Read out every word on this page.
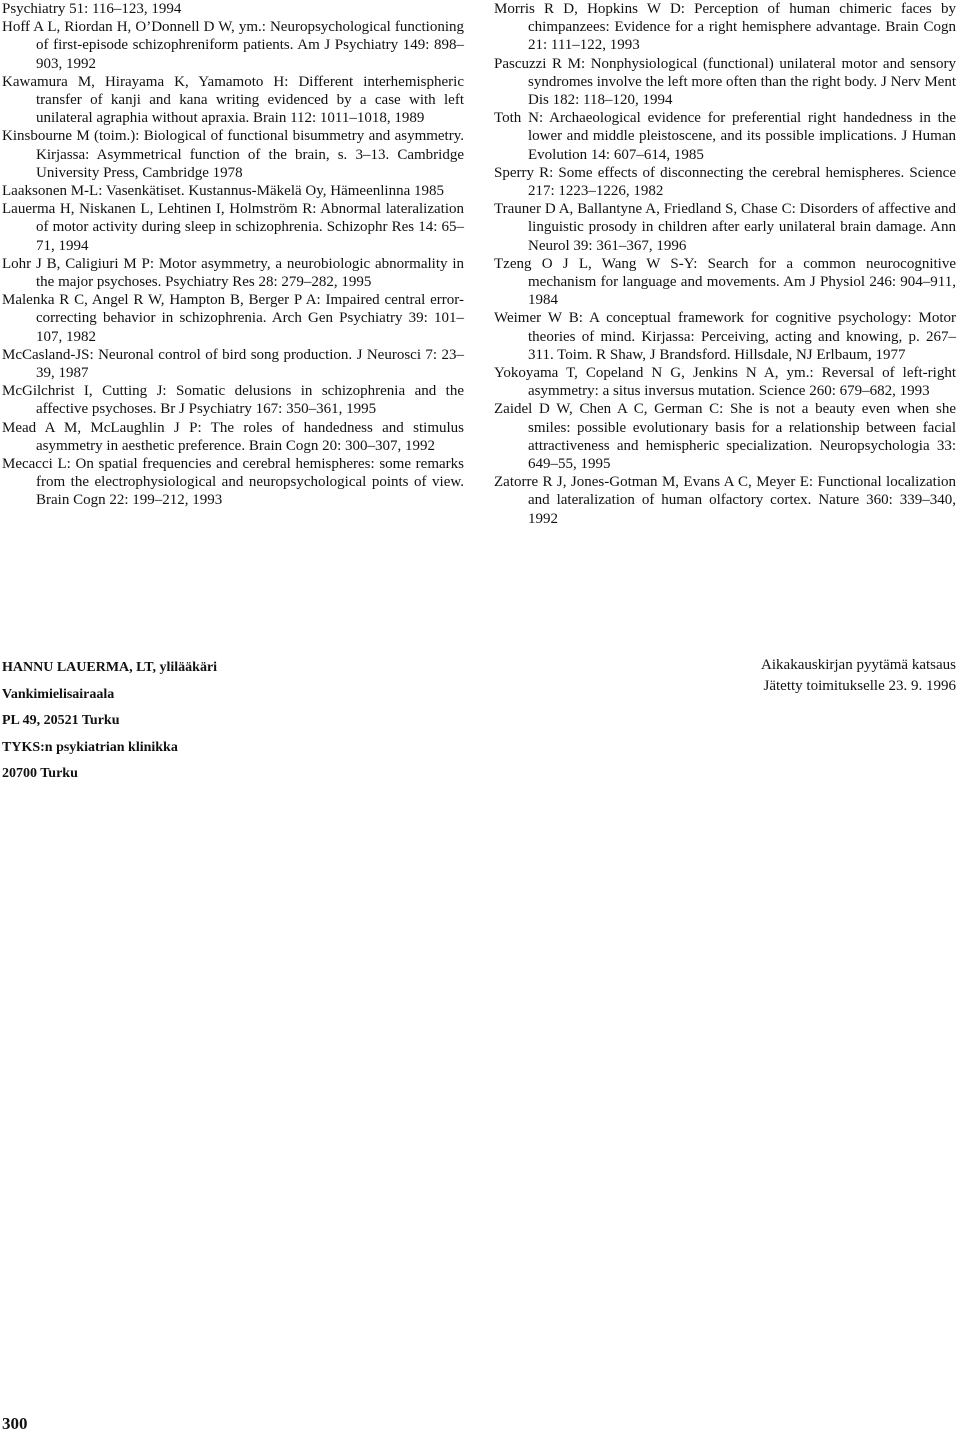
Psychiatry 51: 116–123, 1994

Hoff A L, Riordan H, O’Donnell D W, ym.: Neuropsychological functioning of first-episode schizophreniform patients. Am J Psychiatry 149: 898–903, 1992

Kawamura M, Hirayama K, Yamamoto H: Different interhemispheric transfer of kanji and kana writing evidenced by a case with left unilateral agraphia without apraxia. Brain 112: 1011–1018, 1989

Kinsbourne M (toim.): Biological of functional bisummetry and asymmetry. Kirjassa: Asymmetrical function of the brain, s. 3–13. Cambridge University Press, Cambridge 1978

Laaksonen M-L: Vasenkätiset. Kustannus-Mäkelä Oy, Hämeenlinna 1985

Lauerma H, Niskanen L, Lehtinen I, Holmström R: Abnormal lateralization of motor activity during sleep in schizophrenia. Schizophr Res 14: 65–71, 1994

Lohr J B, Caligiuri M P: Motor asymmetry, a neurobiologic abnormality in the major psychoses. Psychiatry Res 28: 279–282, 1995

Malenka R C, Angel R W, Hampton B, Berger P A: Impaired central error-correcting behavior in schizophrenia. Arch Gen Psychiatry 39: 101–107, 1982

McCasland-JS: Neuronal control of bird song production. J Neurosci 7: 23–39, 1987

McGilchrist I, Cutting J: Somatic delusions in schizophrenia and the affective psychoses. Br J Psychiatry 167: 350–361, 1995

Mead A M, McLaughlin J P: The roles of handedness and stimulus asymmetry in aesthetic preference. Brain Cogn 20: 300–307, 1992

Mecacci L: On spatial frequencies and cerebral hemispheres: some remarks from the electrophysiological and neuropsychological points of view. Brain Cogn 22: 199–212, 1993

Morris R D, Hopkins W D: Perception of human chimeric faces by chimpanzees: Evidence for a right hemisphere advantage. Brain Cogn 21: 111–122, 1993

Pascuzzi R M: Nonphysiological (functional) unilateral motor and sensory syndromes involve the left more often than the right body. J Nerv Ment Dis 182: 118–120, 1994

Toth N: Archaeological evidence for preferential right handedness in the lower and middle pleistoscene, and its possible implications. J Human Evolution 14: 607–614, 1985

Sperry R: Some effects of disconnecting the cerebral hemispheres. Science 217: 1223–1226, 1982

Trauner D A, Ballantyne A, Friedland S, Chase C: Disorders of affective and linguistic prosody in children after early unilateral brain damage. Ann Neurol 39: 361–367, 1996

Tzeng O J L, Wang W S-Y: Search for a common neurocognitive mechanism for language and movements. Am J Physiol 246: 904–911, 1984

Weimer W B: A conceptual framework for cognitive psychology: Motor theories of mind. Kirjassa: Perceiving, acting and knowing, p. 267–311. Toim. R Shaw, J Brandsford. Hillsdale, NJ Erlbaum, 1977

Yokoyama T, Copeland N G, Jenkins N A, ym.: Reversal of left-right asymmetry: a situs inversus mutation. Science 260: 679–682, 1993

Zaidel D W, Chen A C, German C: She is not a beauty even when she smiles: possible evolutionary basis for a relationship between facial attractiveness and hemispheric specialization. Neuropsychologia 33: 649–55, 1995

Zatorre R J, Jones-Gotman M, Evans A C, Meyer E: Functional localization and lateralization of human olfactory cortex. Nature 360: 339–340, 1992

HANNU LAUERMA, LT, ylilääkäri
Vankimielisairaala
PL 49, 20521 Turku
TYKS:n psykiatrian klinikka
20700 Turku
Aikakauskirjan pyytämä katsaus
Jätetty toimitukselle 23. 9. 1996
300
